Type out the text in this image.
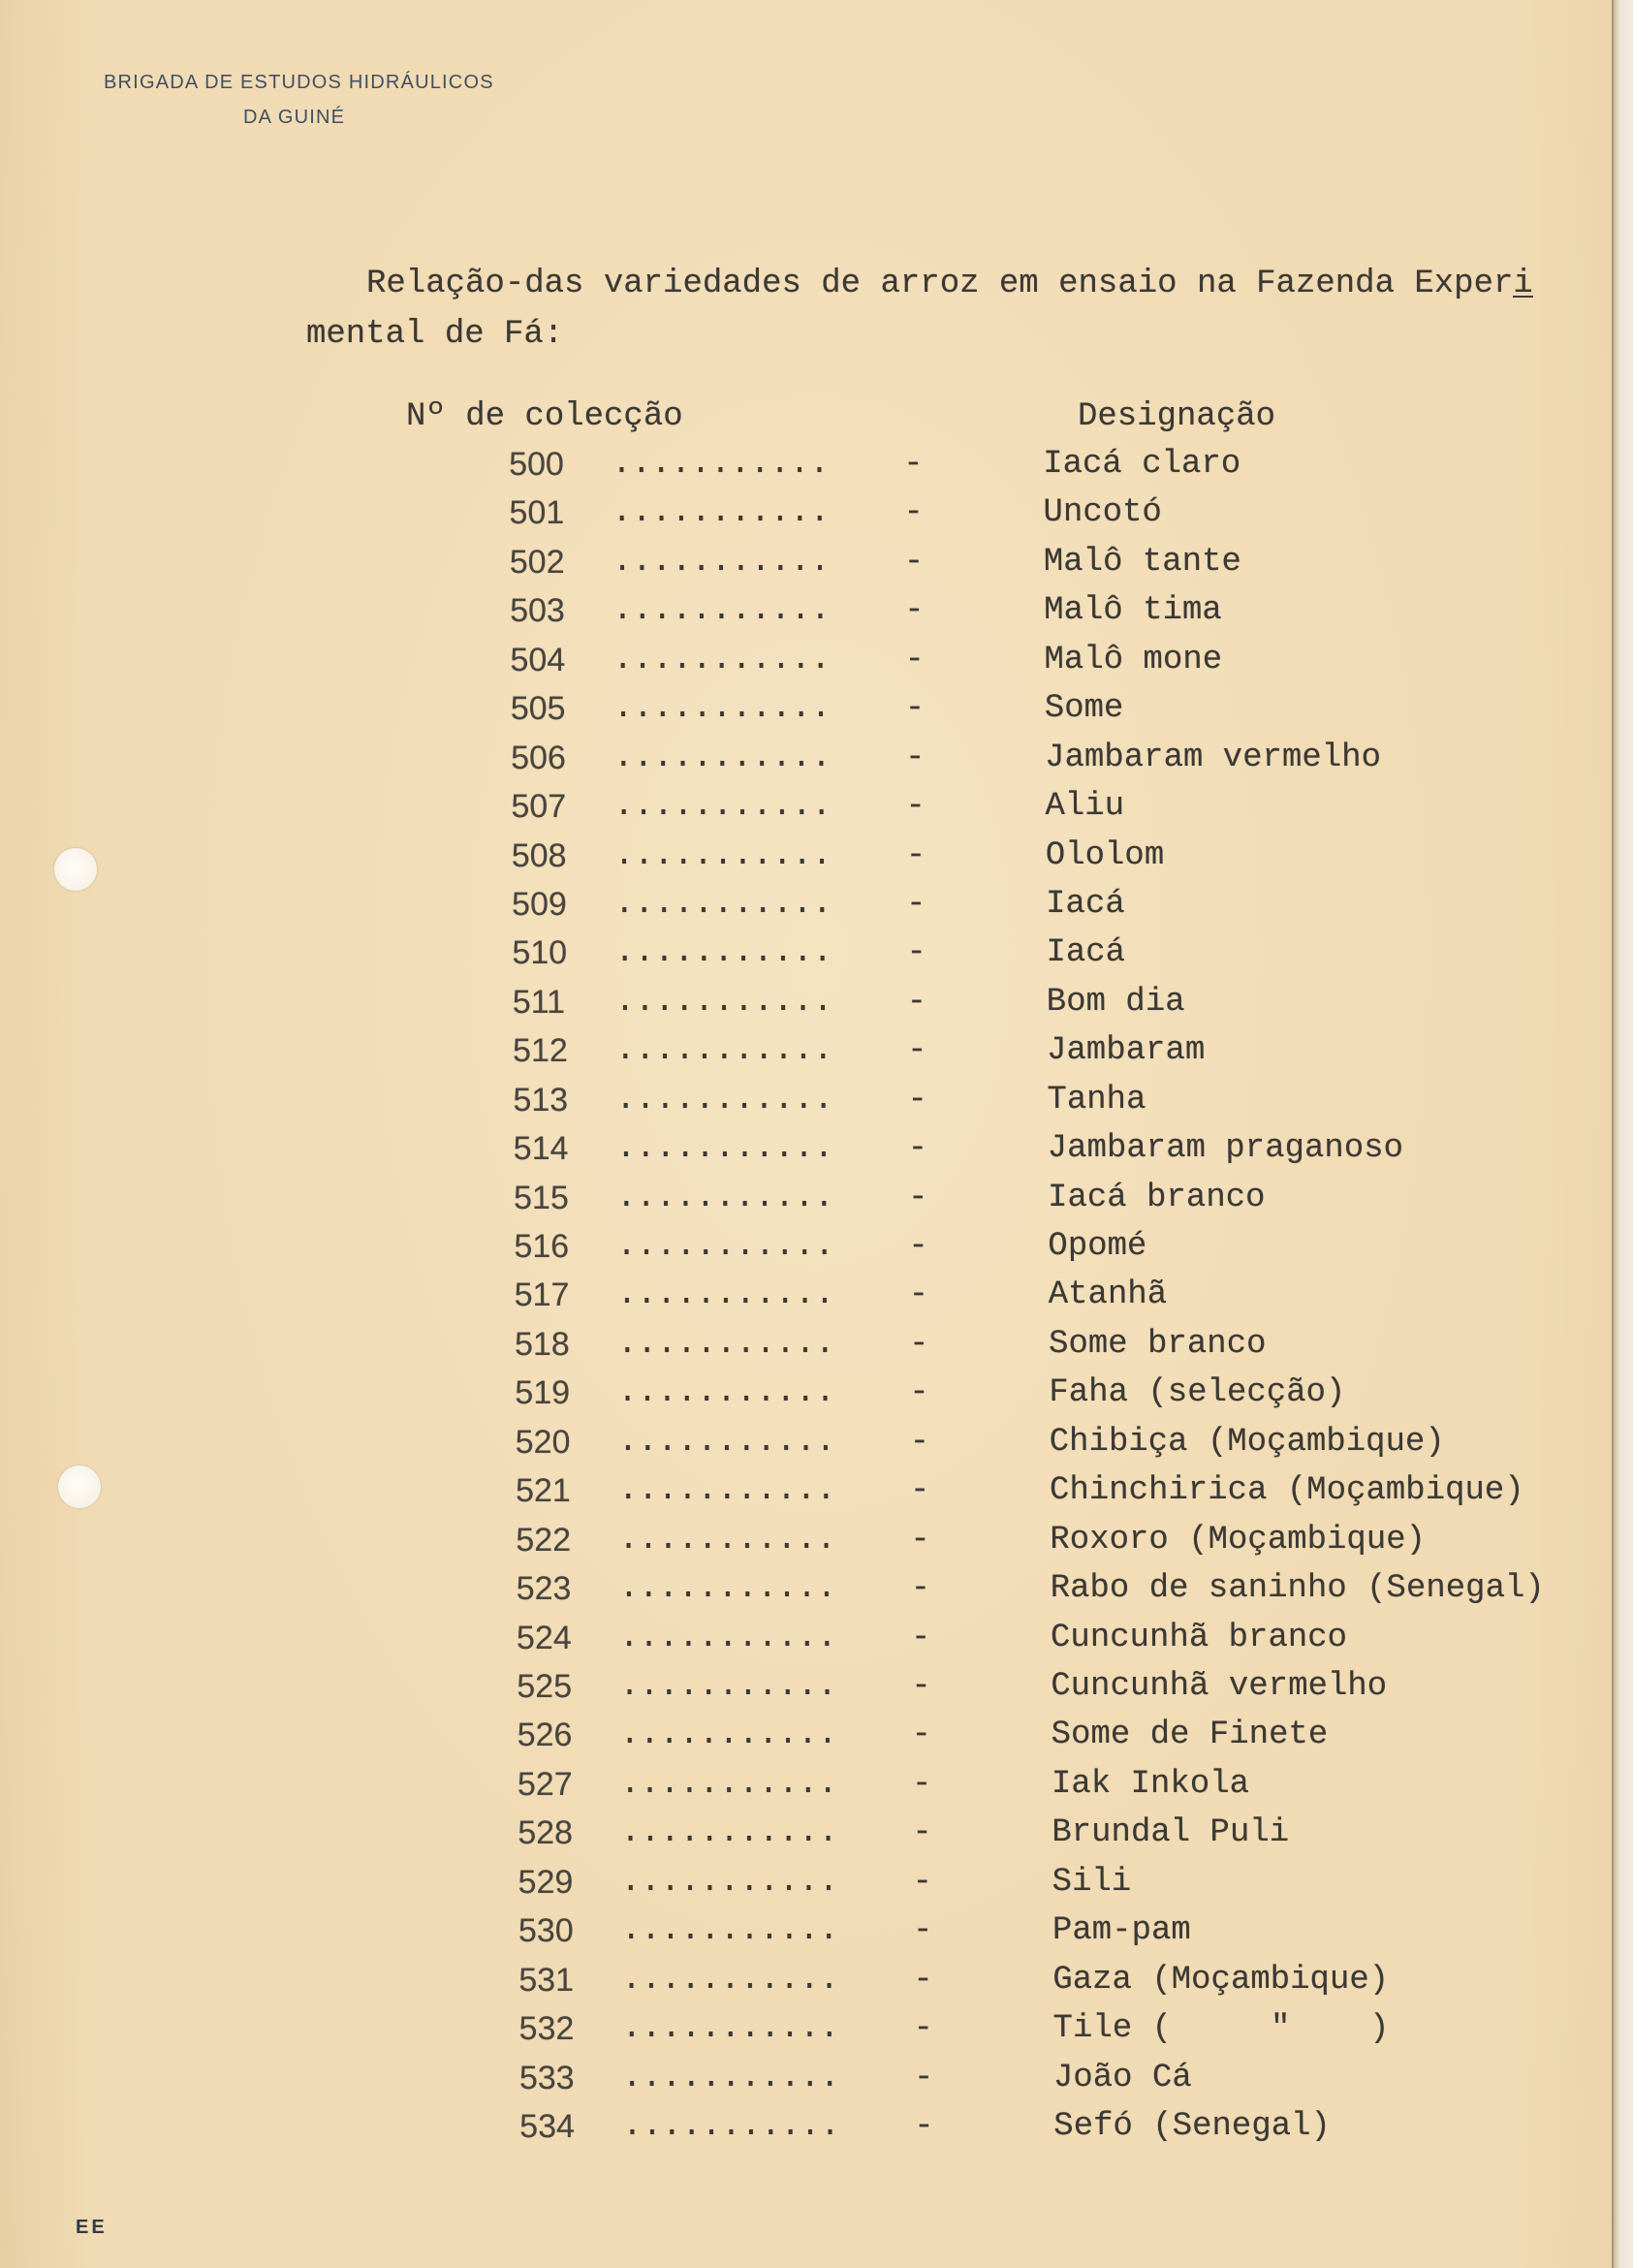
BRIGADA DE ESTUDOS HIDRÁULICOS
DA GUINÉ
Relação-das variedades de arroz em ensaio na Fazenda Experi
mental de Fá:
Nº de colecção	Designação
500 ........... -	Iacá claro
501 ........... -	Uncotó
502 ........... -	Malô tante
503 ........... -	Malô tima
504 ........... -	Malô mone
505 ........... -	Some
506 ........... -	Jambaram vermelho
507 ........... -	Aliu
508 ........... -	Ololom
509 ........... -	Iacá
510 ........... -	Iacá
511 ........... -	Bom dia
512 ........... -	Jambaram
513 ........... -	Tanha
514 ........... -	Jambaram praganoso
515 ........... -	Iacá branco
516 ........... -	Opomé
517 ........... -	Atanhã
518 ........... -	Some branco
519 ........... -	Faha (selecção)
520 ........... -	Chibiça (Moçambique)
521 ........... -	Chinchirica (Moçambique)
522 ........... -	Roxoro (Moçambique)
523 ........... -	Rabo de saninho (Senegal)
524 ........... -	Cuncunhã branco
525 ........... -	Cuncunhã vermelho
526 ........... -	Some de Finete
527 ........... -	Iak Inkola
528 ........... -	Brundal Puli
529 ........... -	Sili
530 ........... -	Pam-pam
531 ........... -	Gaza (Moçambique)
532 ........... -	Tile (     "    )
533 ........... -	João Cá
534 ........... -	Sefó (Senegal)
EE
